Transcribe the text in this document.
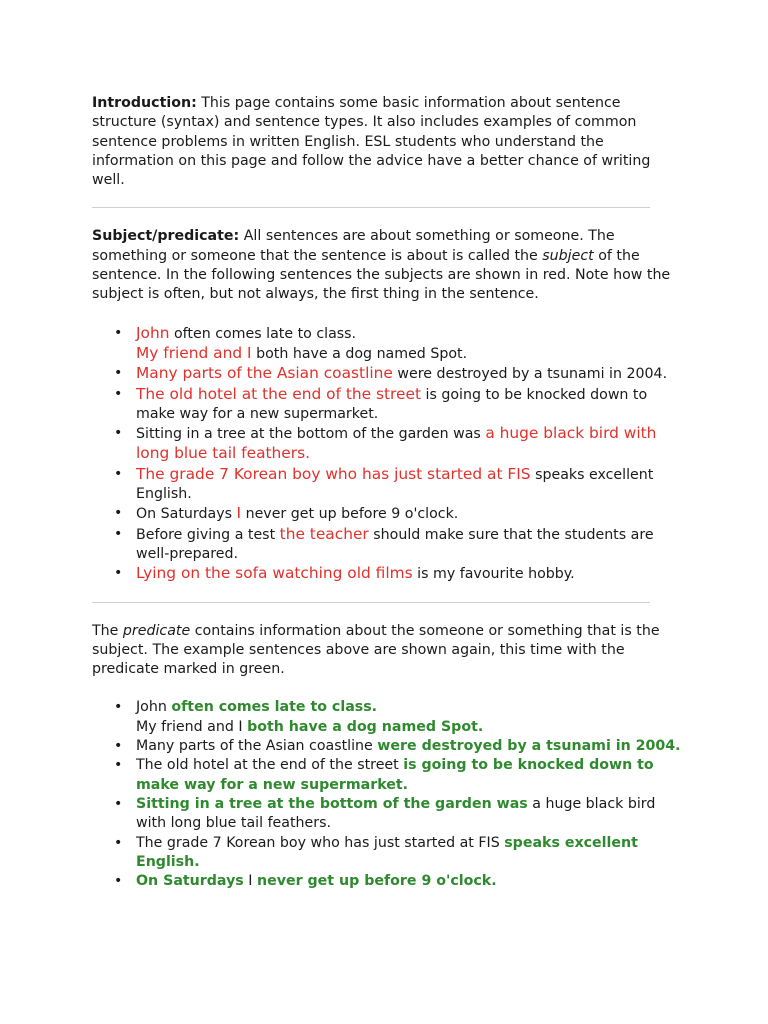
Introduction: This page contains some basic information about sentence structure (syntax) and sentence types. It also includes examples of common sentence problems in written English. ESL students who understand the information on this page and follow the advice have a better chance of writing well.

Subject/predicate: All sentences are about something or someone. The something or someone that the sentence is about is called the subject of the sentence. In the following sentences the subjects are shown in red. Note how the subject is often, but not always, the first thing in the sentence.

• John often comes late to class.
My friend and I both have a dog named Spot.
• Many parts of the Asian coastline were destroyed by a tsunami in 2004.
• The old hotel at the end of the street is going to be knocked down to make way for a new supermarket.
• Sitting in a tree at the bottom of the garden was a huge black bird with long blue tail feathers.
• The grade 7 Korean boy who has just started at FIS speaks excellent English.
• On Saturdays I never get up before 9 o'clock.
• Before giving a test the teacher should make sure that the students are well-prepared.
• Lying on the sofa watching old films is my favourite hobby.

The predicate contains information about the someone or something that is the subject. The example sentences above are shown again, this time with the predicate marked in green.

• John often comes late to class.
My friend and I both have a dog named Spot.
• Many parts of the Asian coastline were destroyed by a tsunami in 2004.
• The old hotel at the end of the street is going to be knocked down to make way for a new supermarket.
• Sitting in a tree at the bottom of the garden was a huge black bird with long blue tail feathers.
• The grade 7 Korean boy who has just started at FIS speaks excellent English.
• On Saturdays I never get up before 9 o'clock.
